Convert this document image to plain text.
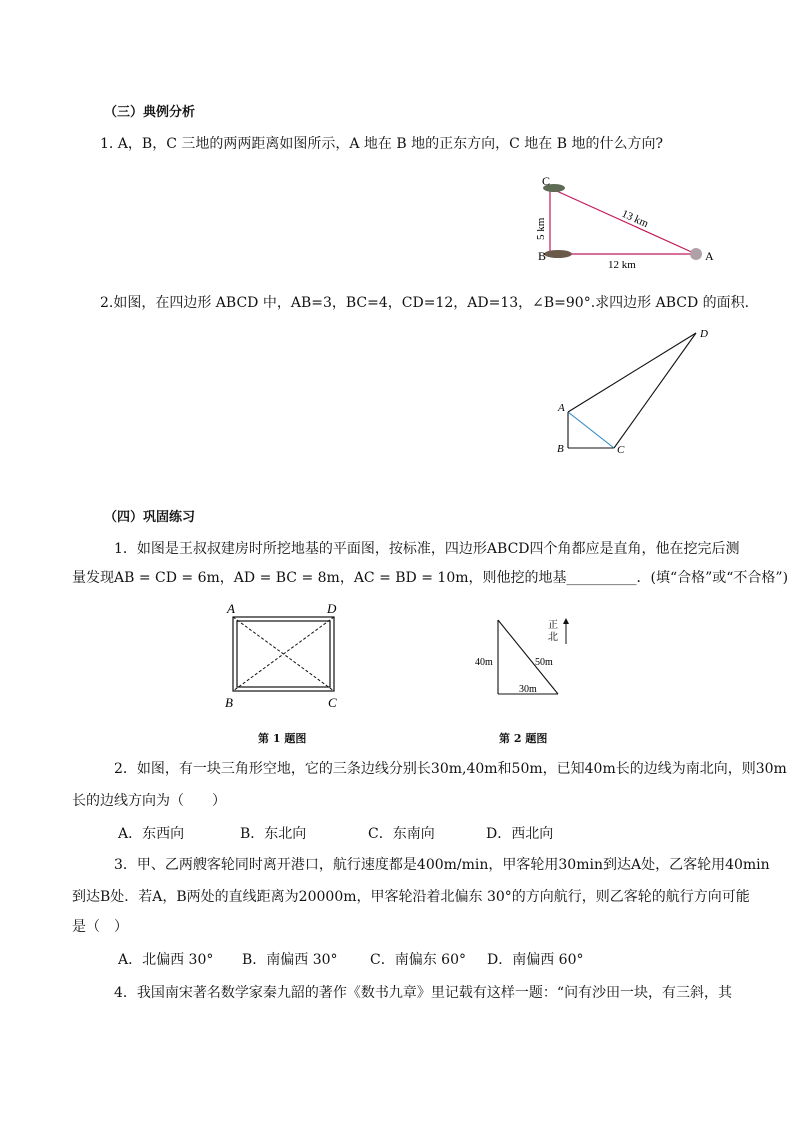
（三）典例分析
1. A，B，C 三地的两两距离如图所示，A 地在 B 地的正东方向，C 地在 B 地的什么方向?
C
B	A
5 km	13 km
12 km
2.如图，在四边形 ABCD 中，AB=3，BC=4，CD=12，AD=13，∠B=90°.求四边形 ABCD 的面积.
A
B	C
D
（四）巩固练习
1．如图是王叔叔建房时所挖地基的平面图，按标准，四边形ABCD四个角都应是直角，他在挖完后测
量发现AB = CD = 6m，AD = BC = 8m，AC = BD = 10m，则他挖的地基__________．(填“合格”或“不合格”)
A	D
B	C
第 1 题图
正
北
40m	50m
30m
第 2 题图
2．如图，有一块三角形空地，它的三条边线分别长30m,40m和50m，已知40m长的边线为南北向，则30m
长的边线方向为（　　）
A．东西向	B．东北向	C．东南向	D．西北向
3．甲、乙两艘客轮同时离开港口，航行速度都是400m/min，甲客轮用30min到达A处，乙客轮用40min
到达B处．若A，B两处的直线距离为20000m，甲客轮沿着北偏东 30°的方向航行，则乙客轮的航行方向可能
是（　）
A．北偏西 30° B．南偏西 30° C．南偏东 60° D．南偏西 60°
4．我国南宋著名数学家秦九韶的著作《数书九章》里记载有这样一题：“问有沙田一块，有三斜，其
